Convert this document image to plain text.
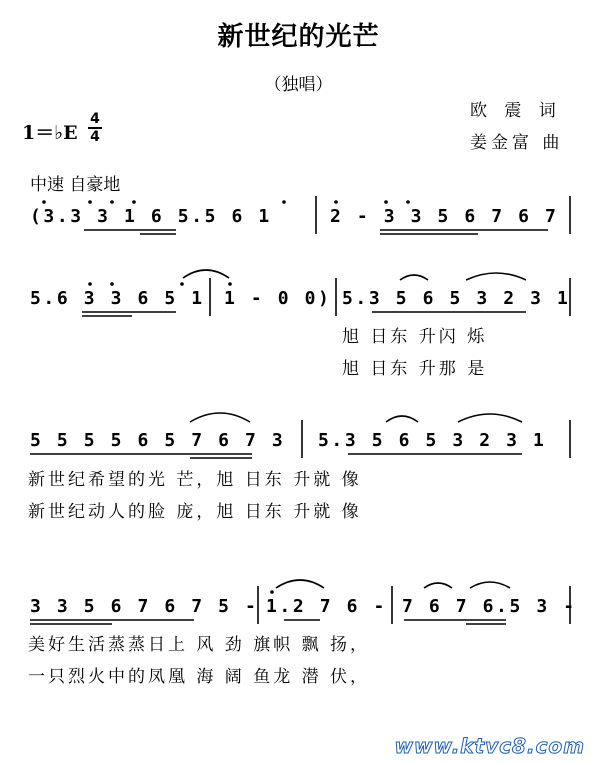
新世纪的光芒
（独唱）
欧 震 词
姜金富 曲
1＝♭E
4
4
中速 自豪地
(3.3 3 1 6 5.5 6 1	2 - 3 3 5 6 7 6 7
5.6 3 3 6 5 1 1 - 0 0) 5.3 5 6 5 3 2 3 1
旭 日东 升闪 烁
旭 日东 升那 是
5 5 5 5 6 5 7 6 7 3 5.3 5 6 5 3 2 3 1
新世纪希望的光 芒，旭 日东 升就 像
新世纪动人的脸 庞，旭 日东 升就 像
3 3 5 6 7 6 7 5 - 1.2 7 6 - 7 6 7 6.5 3 -
美好生活蒸蒸日上 风 劲 旗帜 飘 扬，
一只烈火中的凤凰 海 阔 鱼龙 潜 伏，
www.ktvc8.com
